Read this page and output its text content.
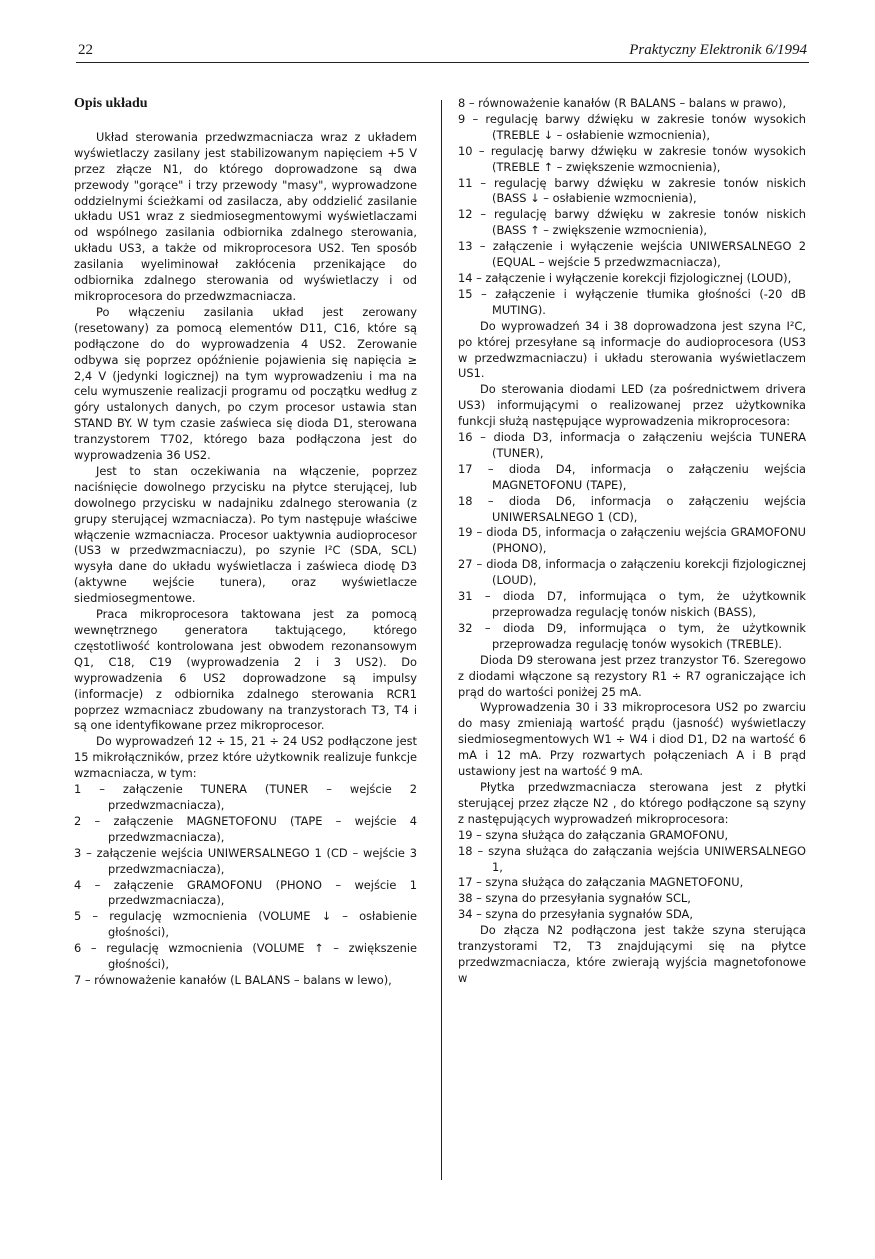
22	Praktyczny Elektronik 6/1994
Opis układu

Układ sterowania przedwzmacniacza wraz z układem wyświetlaczy zasilany jest stabilizowanym napięciem +5 V przez złącze N1, do którego doprowadzone są dwa przewody "gorące" i trzy przewody "masy", wyprowadzone oddzielnymi ścieżkami od zasilacza, aby oddzielić zasilanie układu US1 wraz z siedmiosegmentowymi wyświetlaczami od wspólnego zasilania odbiornika zdalnego sterowania, układu US3, a także od mikroprocesora US2. Ten sposób zasilania wyeliminował zakłócenia przenikające do odbiornika zdalnego sterowania od wyświetlaczy i od mikroprocesora do przedwzmacniacza.

Po włączeniu zasilania układ jest zerowany (resetowany) za pomocą elementów D11, C16, które są podłączone do do wyprowadzenia 4 US2. Zerowanie odbywa się poprzez opóźnienie pojawienia się napięcia ≥ 2,4 V (jedynki logicznej) na tym wyprowadzeniu i ma na celu wymuszenie realizacji programu od początku według z góry ustalonych danych, po czym procesor ustawia stan STAND BY. W tym czasie zaświeca się dioda D1, sterowana tranzystorem T702, którego baza podłączona jest do wyprowadzenia 36 US2.

Jest to stan oczekiwania na włączenie, poprzez naciśnięcie dowolnego przycisku na płytce sterującej, lub dowolnego przycisku w nadajniku zdalnego sterowania (z grupy sterującej wzmacniacza). Po tym następuje właściwe włączenie wzmacniacza. Procesor uaktywnia audioprocesor (US3 w przedwzmacniaczu), po szynie I²C (SDA, SCL) wysyła dane do układu wyświetlacza i zaświeca diodę D3 (aktywne wejście tunera), oraz wyświetlacze siedmiosegmentowe.

Praca mikroprocesora taktowana jest za pomocą wewnętrznego generatora taktującego, którego częstotliwość kontrolowana jest obwodem rezonansowym Q1, C18, C19 (wyprowadzenia 2 i 3 US2). Do wyprowadzenia 6 US2 doprowadzone są impulsy (informacje) z odbiornika zdalnego sterowania RCR1 poprzez wzmacniacz zbudowany na tranzystorach T3, T4 i są one identyfikowane przez mikroprocesor.

Do wyprowadzeń 12 ÷ 15, 21 ÷ 24 US2 podłączone jest 15 mikrołączników, przez które użytkownik realizuje funkcje wzmacniacza, w tym:

1 – załączenie TUNERA (TUNER – wejście 2 przedwzmacniacza),
2 – załączenie MAGNETOFONU (TAPE – wejście 4 przedwzmacniacza),
3 – załączenie wejścia UNIWERSALNEGO 1 (CD – wejście 3 przedwzmacniacza),
4 – załączenie GRAMOFONU (PHONO – wejście 1 przedwzmacniacza),
5 – regulację wzmocnienia (VOLUME ↓ – osłabienie głośności),
6 – regulację wzmocnienia (VOLUME ↑ – zwiększenie głośności),
7 – równoważenie kanałów (L BALANS – balans w lewo),
8 – równoważenie kanałów (R BALANS – balans w prawo),
9 – regulację barwy dźwięku w zakresie tonów wysokich (TREBLE ↓ – osłabienie wzmocnienia),
10 – regulację barwy dźwięku w zakresie tonów wysokich (TREBLE ↑ – zwiększenie wzmocnienia),
11 – regulację barwy dźwięku w zakresie tonów niskich (BASS ↓ – osłabienie wzmocnienia),
12 – regulację barwy dźwięku w zakresie tonów niskich (BASS ↑ – zwiększenie wzmocnienia),
13 – załączenie i wyłączenie wejścia UNIWERSALNEGO 2 (EQUAL – wejście 5 przedwzmacniacza),
14 – załączenie i wyłączenie korekcji fizjologicznej (LOUD),
15 – załączenie i wyłączenie tłumika głośności (-20 dB MUTING).

Do wyprowadzeń 34 i 38 doprowadzona jest szyna I²C, po której przesyłane są informacje do audioprocesora (US3 w przedwzmacniaczu) i układu sterowania wyświetlaczem US1.

Do sterowania diodami LED (za pośrednictwem drivera US3) informującymi o realizowanej przez użytkownika funkcji służą następujące wyprowadzenia mikroprocesora:

16 – dioda D3, informacja o załączeniu wejścia TUNERA (TUNER),
17 – dioda D4, informacja o załączeniu wejścia MAGNETOFONU (TAPE),
18 – dioda D6, informacja o załączeniu wejścia UNIWERSALNEGO 1 (CD),
19 – dioda D5, informacja o załączeniu wejścia GRAMOFONU (PHONO),
27 – dioda D8, informacja o załączeniu korekcji fizjologicznej (LOUD),
31 – dioda D7, informująca o tym, że użytkownik przeprowadza regulację tonów niskich (BASS),
32 – dioda D9, informująca o tym, że użytkownik przeprowadza regulację tonów wysokich (TREBLE).

Dioda D9 sterowana jest przez tranzystor T6. Szeregowo z diodami włączone są rezystory R1 ÷ R7 ograniczające ich prąd do wartości poniżej 25 mA.

Wyprowadzenia 30 i 33 mikroprocesora US2 po zwarciu do masy zmieniają wartość prądu (jasność) wyświetlaczy siedmiosegmentowych W1 ÷ W4 i diod D1, D2 na wartość 6 mA i 12 mA. Przy rozwartych połączeniach A i B prąd ustawiony jest na wartość 9 mA.

Płytka przedwzmacniacza sterowana jest z płytki sterującej przez złącze N2 , do którego podłączone są szyny z następujących wyprowadzeń mikroprocesora:

19 – szyna służąca do załączania GRAMOFONU,
18 – szyna służąca do załączania wejścia UNIWERSALNEGO 1,
17 – szyna służąca do załączania MAGNETOFONU,
38 – szyna do przesyłania sygnałów SCL,
34 – szyna do przesyłania sygnałów SDA,

Do złącza N2 podłączona jest także szyna sterująca tranzystorami T2, T3 znajdującymi się na płytce przedwzmacniacza, które zwierają wyjścia magnetofonowe w
